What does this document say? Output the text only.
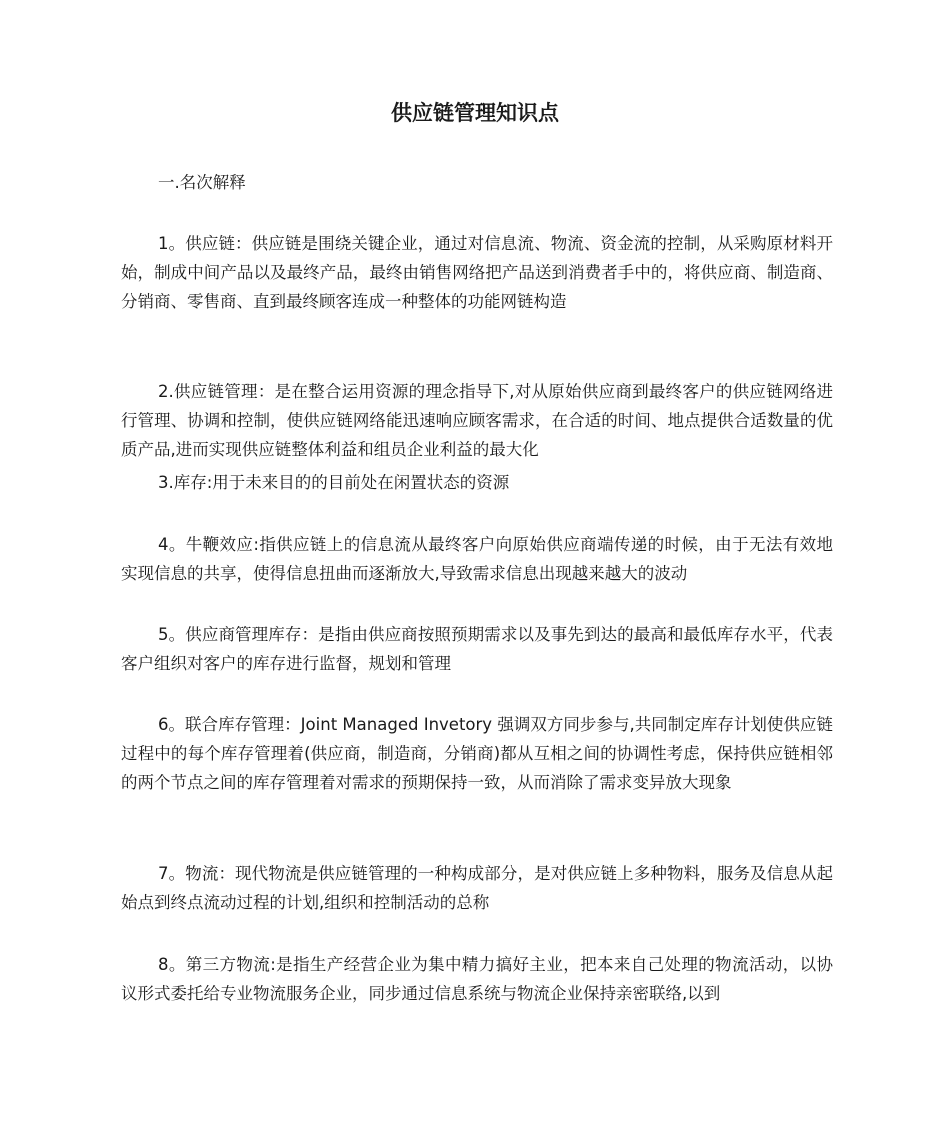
供应链管理知识点

一.名次解释

1。供应链：供应链是围绕关键企业，通过对信息流、物流、资金流的控制，从采购原材料开始，制成中间产品以及最终产品，最终由销售网络把产品送到消费者手中的，将供应商、制造商、分销商、零售商、直到最终顾客连成一种整体的功能网链构造

2.供应链管理：是在整合运用资源的理念指导下,对从原始供应商到最终客户的供应链网络进行管理、协调和控制，使供应链网络能迅速响应顾客需求，在合适的时间、地点提供合适数量的优质产品,进而实现供应链整体利益和组员企业利益的最大化

3.库存:用于未来目的的目前处在闲置状态的资源

4。牛鞭效应:指供应链上的信息流从最终客户向原始供应商端传递的时候，由于无法有效地实现信息的共享，使得信息扭曲而逐渐放大,导致需求信息出现越来越大的波动

5。供应商管理库存：是指由供应商按照预期需求以及事先到达的最高和最低库存水平，代表客户组织对客户的库存进行监督，规划和管理

6。联合库存管理：Joint Managed Invetory 强调双方同步参与,共同制定库存计划使供应链过程中的每个库存管理着(供应商，制造商，分销商)都从互相之间的协调性考虑，保持供应链相邻的两个节点之间的库存管理着对需求的预期保持一致，从而消除了需求变异放大现象

7。物流：现代物流是供应链管理的一种构成部分，是对供应链上多种物料，服务及信息从起始点到终点流动过程的计划,组织和控制活动的总称

8。第三方物流:是指生产经营企业为集中精力搞好主业，把本来自己处理的物流活动，以协议形式委托给专业物流服务企业，同步通过信息系统与物流企业保持亲密联络,以到
